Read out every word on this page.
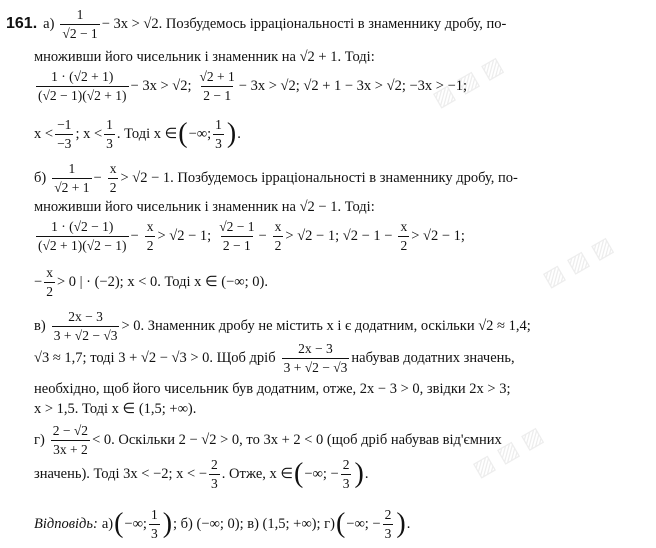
▨ ▨ ▨
▨ ▨ ▨
▨ ▨ ▨
161. $а) \frac{1}{√2 - 1} - 3x > √2$. Позбудемось ірраціональності в знаменнику дробу, по-
множивши його чисельник і знаменник на √2 + 1. Тоді:
$\frac{1 \cdot (√2 + 1)}{(√2 - 1)(√2 + 1)} - 3x > √2$; $\frac{√2 + 1}{2 - 1} - 3x > √2$; √2 + 1 − 3x > √2; −3x > −1;
$x < \frac{-1}{-3}$ ; $x < \frac{1}{3}$ . Тоді x ∈ ( −∞; $\frac{1}{3}$ ) .
$б) \frac{1}{√2 + 1} - \frac{x}{2} > √2 - 1$. Позбудемось ірраціональності в знаменнику дробу, по-
множивши його чисельник і знаменник на √2 − 1. Тоді:
$\frac{1 \cdot (√2 - 1)}{(√2 + 1)(√2 - 1)} - \frac{x}{2} > √2 - 1$; $\frac{√2 - 1}{2 - 1} - \frac{x}{2} > √2 - 1$; $√2 - 1 - \frac{x}{2} > √2 - 1$;
− $\frac{x}{2} > 0$ | · (−2); x < 0. Тоді x ∈ (−∞; 0).
$в) \frac{2x - 3}{3 + √2 - √3} > 0$. Знаменник дробу не містить x і є додатним, оскільки √2 ≈ 1,4;
√3 ≈ 1,7; тоді 3 + √2 − √3 > 0. Щоб дріб $\frac{2x - 3}{3 + √2 - √3}$ набував додатних значень,
необхідно, щоб його чисельник був додатним, отже, 2x − 3 > 0, звідки 2x > 3;
x > 1,5. Тоді x ∈ (1,5; +∞).
$г) \frac{2 - √2}{3x + 2} < 0$. Оскільки 2 − √2 > 0, то 3x + 2 < 0 (щоб дріб набував від'ємних
значень). Тоді 3x < −2; x < − $\frac{2}{3}$ . Отже, x ∈ ( −∞; − $\frac{2}{3}$ ) .
Відповідь: а) ( −∞; $\frac{1}{3}$ ) ; б) (−∞; 0); в) (1,5; +∞); г) ( −∞; − $\frac{2}{3}$ ) .
